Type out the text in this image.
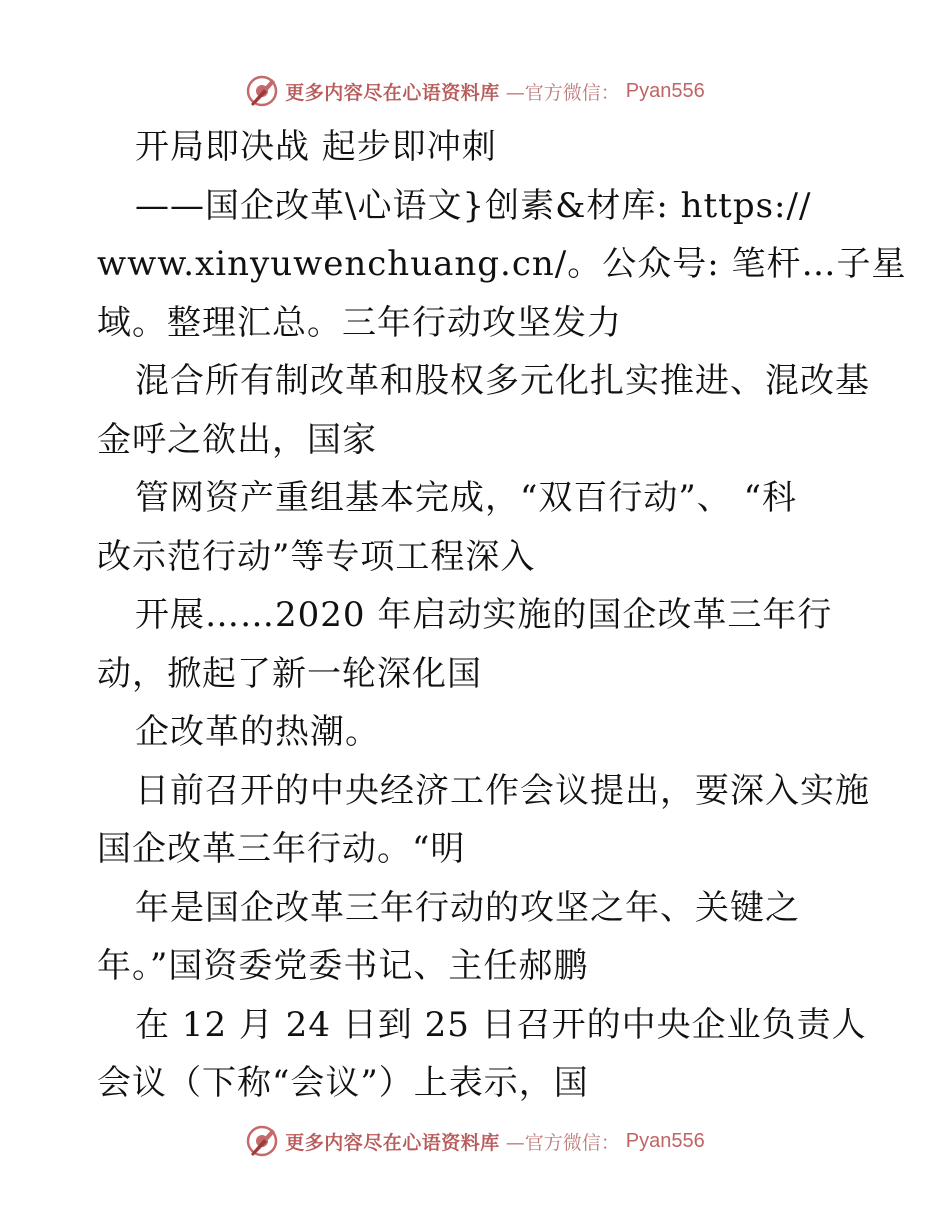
更多内容尽在心语资料库 —官方微信： Pyan556
开局即决战 起步即冲刺
——国企改革\心语文}创素&材库: https://
www.xinyuwenchuang.cn/。公众号: 笔杆…子星
域。整理汇总。三年行动攻坚发力
混合所有制改革和股权多元化扎实推进、混改基
金呼之欲出，国家
管网资产重组基本完成，“双百行动”、 “科
改示范行动”等专项工程深入
开展……2020 年启动实施的国企改革三年行
动，掀起了新一轮深化国
企改革的热潮。
日前召开的中央经济工作会议提出，要深入实施
国企改革三年行动。“明
年是国企改革三年行动的攻坚之年、关键之
年。”国资委党委书记、主任郝鹏
在 12 月 24 日到 25 日召开的中央企业负责人
会议（下称“会议”）上表示，国
更多内容尽在心语资料库 —官方微信： Pyan556
